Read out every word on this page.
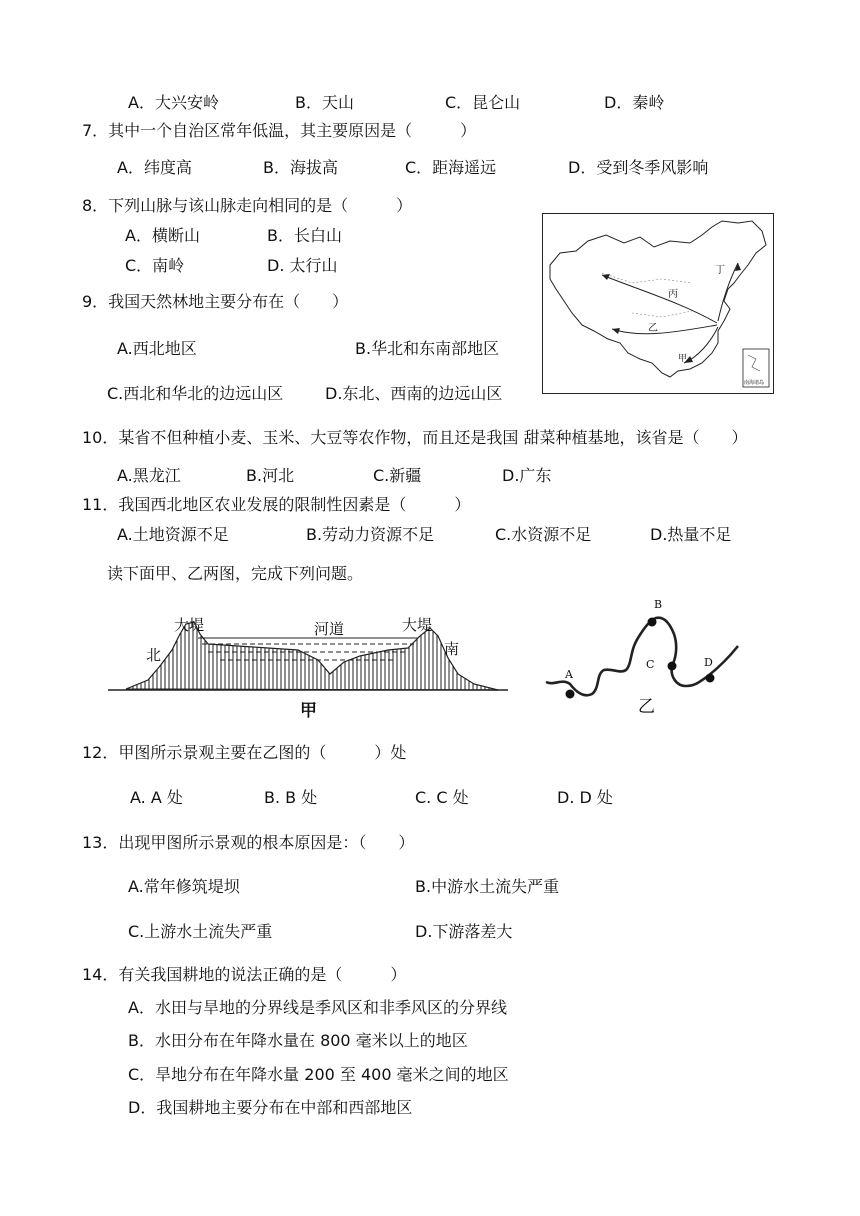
A．大兴安岭	B．天山	C．昆仑山	D．秦岭
7．其中一个自治区常年低温，其主要原因是（　　　）
A．纬度高	B．海拔高	C．距海遥远	D．受到冬季风影响
8．下列山脉与该山脉走向相同的是（　　　）
A．横断山	B．长白山
C．南岭	D. 太行山
9．我国天然林地主要分布在（　　）
A.西北地区	B.华北和东南部地区
C.西北和华北的边远山区	D.东北、西南的边远山区
丙
乙
甲
丁
南海诸岛
10．某省不但种植小麦、玉米、大豆等农作物，而且还是我国 甜菜种植基地，该省是（　　）
A.黑龙江	B.河北	C.新疆	D.广东
11．我国西北地区农业发展的限制性因素是（　　　）
A.土地资源不足	B.劳动力资源不足	C.水资源不足	D.热量不足
读下面甲、乙两图，完成下列问题。
大堤	河道	大堤
北	南
甲
A
B
C	D
乙
12．甲图所示景观主要在乙图的（　　　）处
A. A 处	B. B 处	C. C 处	D. D 处
13．出现甲图所示景观的根本原因是：（　　）
A.常年修筑堤坝	B.中游水土流失严重
C.上游水土流失严重	D.下游落差大
14．有关我国耕地的说法正确的是（　　　）
A．水田与旱地的分界线是季风区和非季风区的分界线
B．水田分布在年降水量在 800 毫米以上的地区
C．旱地分布在年降水量 200 至 400 毫米之间的地区
D．我国耕地主要分布在中部和西部地区
